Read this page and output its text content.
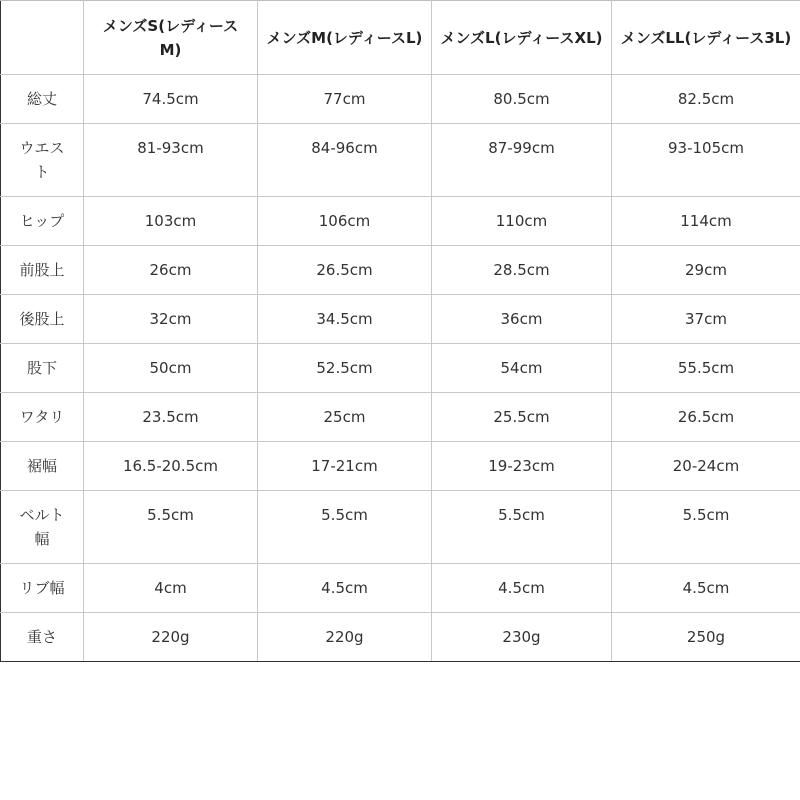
	メンズS(レディースM)	メンズM(レディースL)	メンズL(レディースXL)	メンズLL(レディース3L)

総丈	74.5cm	77cm	80.5cm	82.5cm
ウエスト	81-93cm	84-96cm	87-99cm	93-105cm
ヒップ	103cm	106cm	110cm	114cm
前股上	26cm	26.5cm	28.5cm	29cm
後股上	32cm	34.5cm	36cm	37cm
股下	50cm	52.5cm	54cm	55.5cm
ワタリ	23.5cm	25cm	25.5cm	26.5cm
裾幅	16.5-20.5cm	17-21cm	19-23cm	20-24cm
ベルト幅	5.5cm	5.5cm	5.5cm	5.5cm
リブ幅	4cm	4.5cm	4.5cm	4.5cm
重さ	220g	220g	230g	250g
